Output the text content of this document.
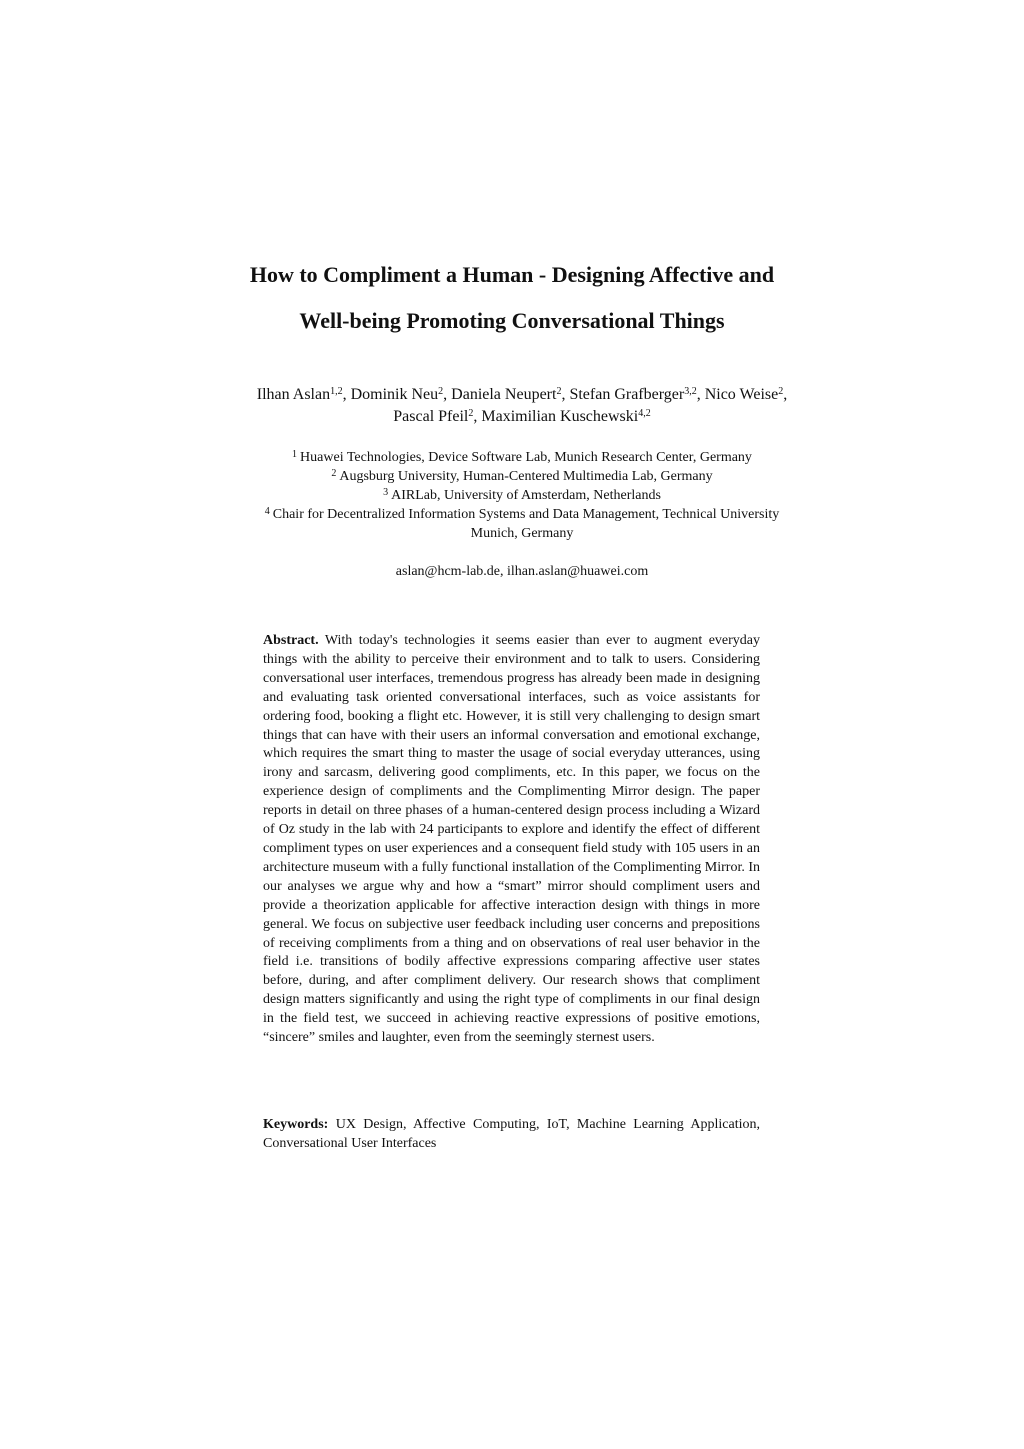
How to Compliment a Human - Designing Affective and
Well-being Promoting Conversational Things
Ilhan Aslan$^{1,2}$, Dominik Neu$^2$, Daniela Neupert$^2$, Stefan Grafberger$^{3,2}$, Nico Weise$^2$,
Pascal Pfeil$^2$, Maximilian Kuschewski$^{4,2}$
$^1$ Huawei Technologies, Device Software Lab, Munich Research Center, Germany
$^2$ Augsburg University, Human-Centered Multimedia Lab, Germany
$^3$ AIRLab, University of Amsterdam, Netherlands
$^4$ Chair for Decentralized Information Systems and Data Management, Technical University
Munich, Germany
aslan@hcm-lab.de, ilhan.aslan@huawei.com

Abstract. With today's technologies it seems easier than ever to augment everyday things with the ability to perceive their environment and to talk to users. Considering conversational user interfaces, tremendous progress has already been made in designing and evaluating task oriented conversational interfaces, such as voice assistants for ordering food, booking a flight etc. However, it is still very challenging to design smart things that can have with their users an informal conversation and emotional exchange, which requires the smart thing to master the usage of social everyday utterances, using irony and sarcasm, delivering good compliments, etc. In this paper, we focus on the experience design of compliments and the Complimenting Mirror design. The paper reports in detail on three phases of a human-centered design process including a Wizard of Oz study in the lab with 24 participants to explore and identify the effect of different compliment types on user experiences and a consequent field study with 105 users in an architecture museum with a fully functional installation of the Complimenting Mirror. In our analyses we argue why and how a “smart” mirror should compliment users and provide a theorization applicable for affective interaction design with things in more general. We focus on subjective user feedback including user concerns and prepositions of receiving compliments from a thing and on observations of real user behavior in the field i.e. transitions of bodily affective expressions comparing affective user states before, during, and after compliment delivery. Our research shows that compliment design matters significantly and using the right type of compliments in our final design in the field test, we succeed in achieving reactive expressions of positive emotions, “sincere” smiles and laughter, even from the seemingly sternest users.

Keywords: UX Design, Affective Computing, IoT, Machine Learning Application, Conversational User Interfaces
